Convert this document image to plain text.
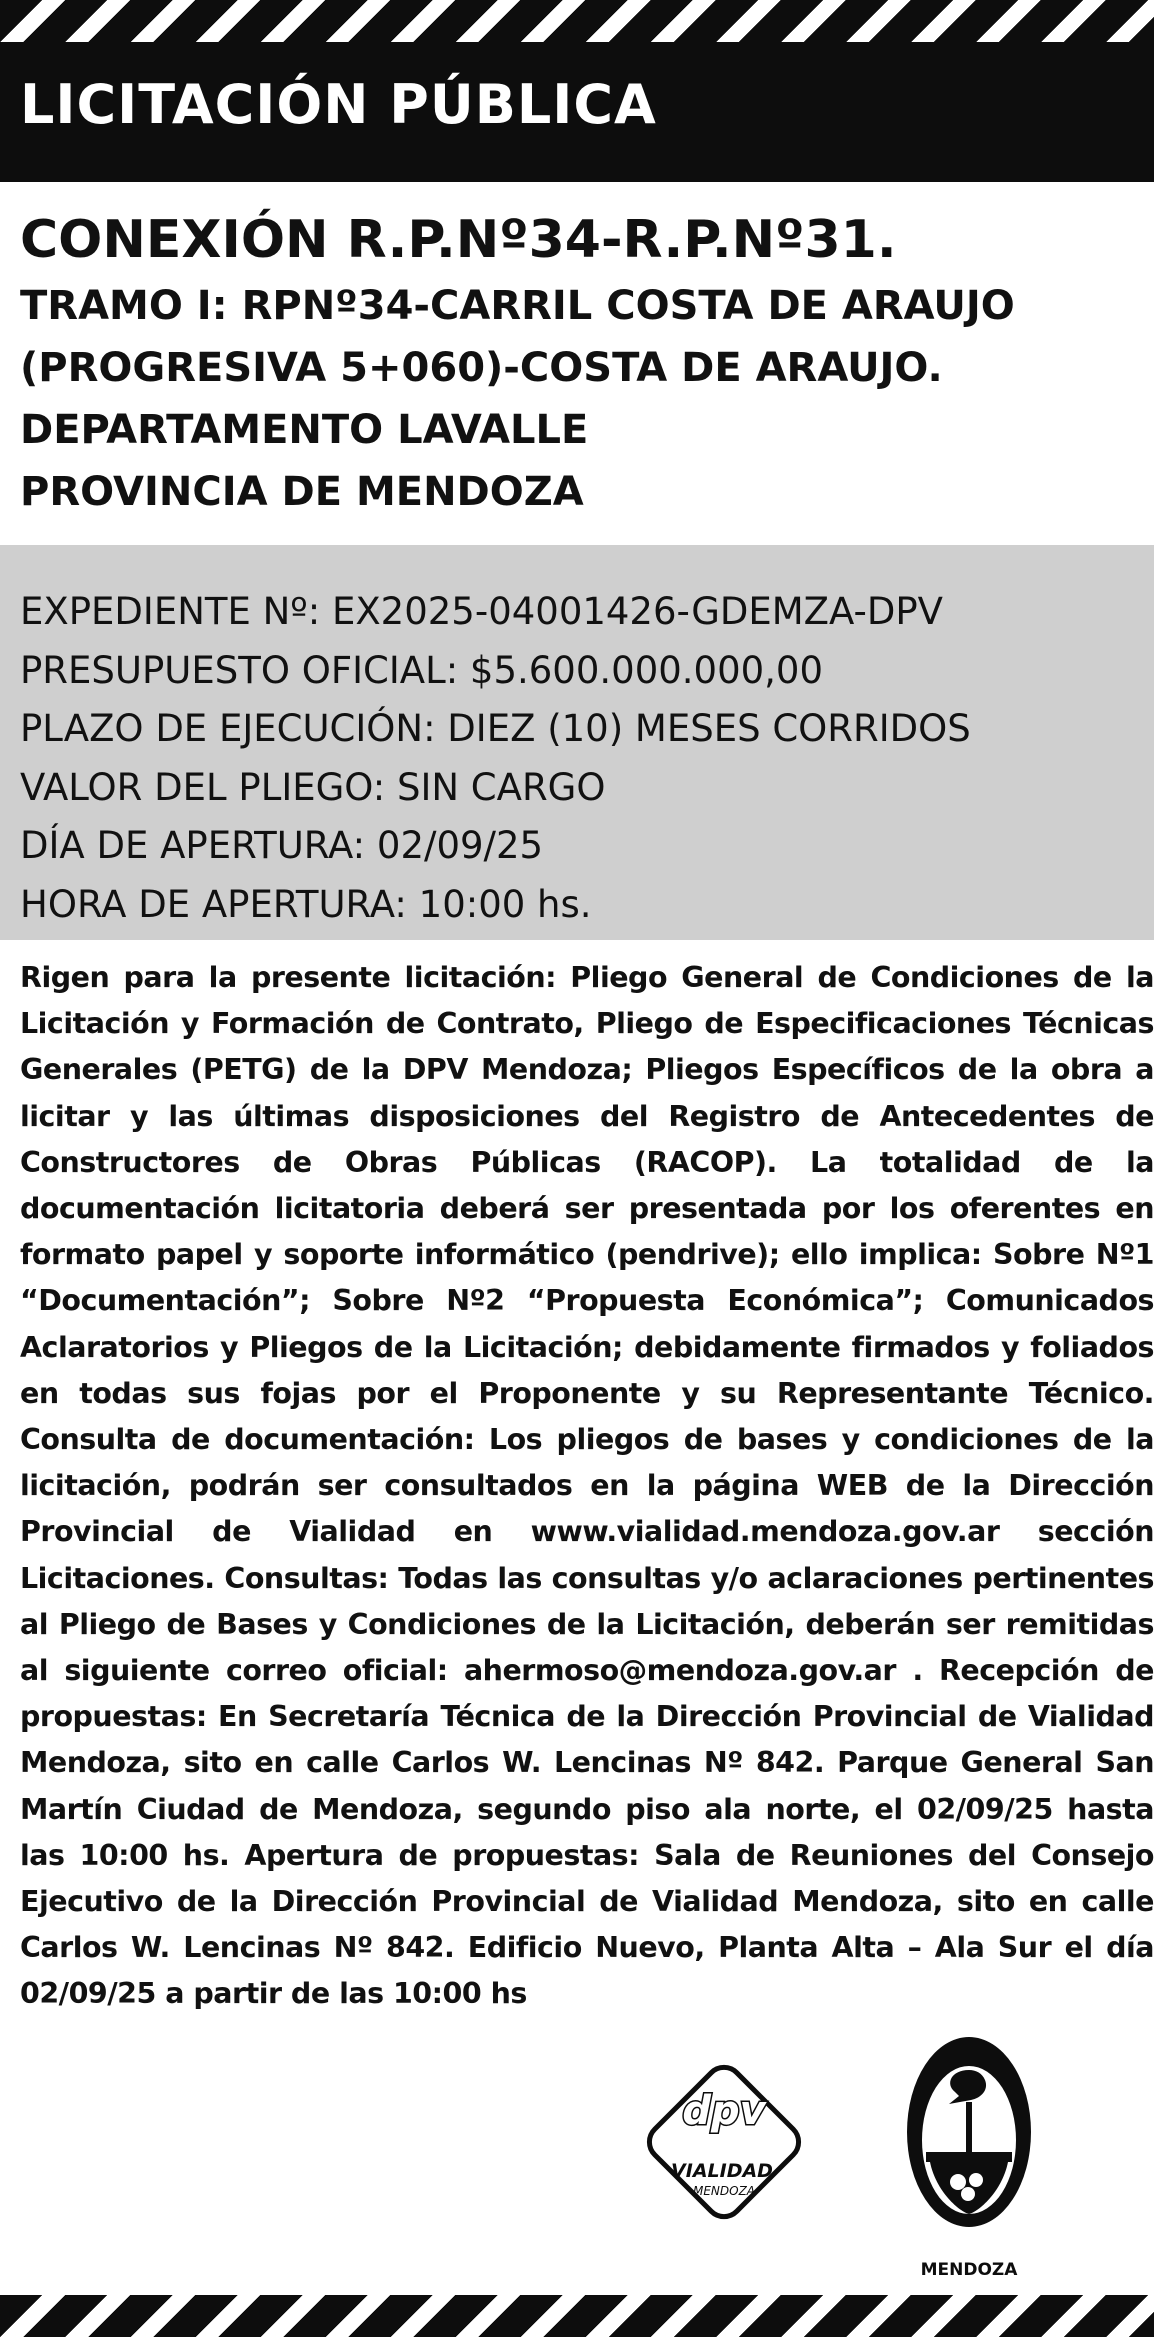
LICITACIÓN PÚBLICA

CONEXIÓN R.P.Nº34-R.P.Nº31.

TRAMO I: RPNº34-CARRIL COSTA DE ARAUJO

(PROGRESIVA 5+060)-COSTA DE ARAUJO.

DEPARTAMENTO LAVALLE

PROVINCIA DE MENDOZA

EXPEDIENTE Nº: EX2025-04001426-GDEMZA-DPV
PRESUPUESTO OFICIAL: $5.600.000.000,00
PLAZO DE EJECUCIÓN: DIEZ (10) MESES CORRIDOS
VALOR DEL PLIEGO: SIN CARGO
DÍA DE APERTURA: 02/09/25
HORA DE APERTURA: 10:00 hs.
Rigen para la presente licitación: Pliego General de Condiciones de la Licitación y Formación de Contrato, Pliego de Especificaciones Técnicas Generales (PETG) de la DPV Mendoza; Pliegos Específicos de la obra a licitar y las últimas disposiciones del Registro de Antecedentes de Constructores de Obras Públicas (RACOP). La totalidad de la documentación licitatoria deberá ser presentada por los oferentes en formato papel y soporte informático (pendrive); ello implica: Sobre Nº1 “Documentación”; Sobre Nº2 “Propuesta Económica”; Comunicados Aclaratorios y Pliegos de la Licitación; debidamente firmados y foliados en todas sus fojas por el Proponente y su Representante Técnico. Consulta de documentación: Los pliegos de bases y condiciones de la licitación, podrán ser consultados en la página WEB de la Dirección Provincial de Vialidad en www.vialidad.mendoza.gov.ar sección Licitaciones. Consultas: Todas las consultas y/o aclaraciones pertinentes al Pliego de Bases y Condiciones de la Licitación, deberán ser remitidas al siguiente correo oficial: ahermoso@mendoza.gov.ar . Recepción de propuestas: En Secretaría Técnica de la Dirección Provincial de Vialidad Mendoza, sito en calle Carlos W. Lencinas Nº 842. Parque General San Martín Ciudad de Mendoza, segundo piso ala norte, el 02/09/25 hasta las 10:00 hs. Apertura de propuestas: Sala de Reuniones del Consejo Ejecutivo de la Dirección Provincial de Vialidad Mendoza, sito en calle Carlos W. Lencinas Nº 842. Edificio Nuevo, Planta Alta – Ala Sur el día 02/09/25 a partir de las 10:00 hs
dpv
VIALIDAD
MENDOZA
MENDOZA
